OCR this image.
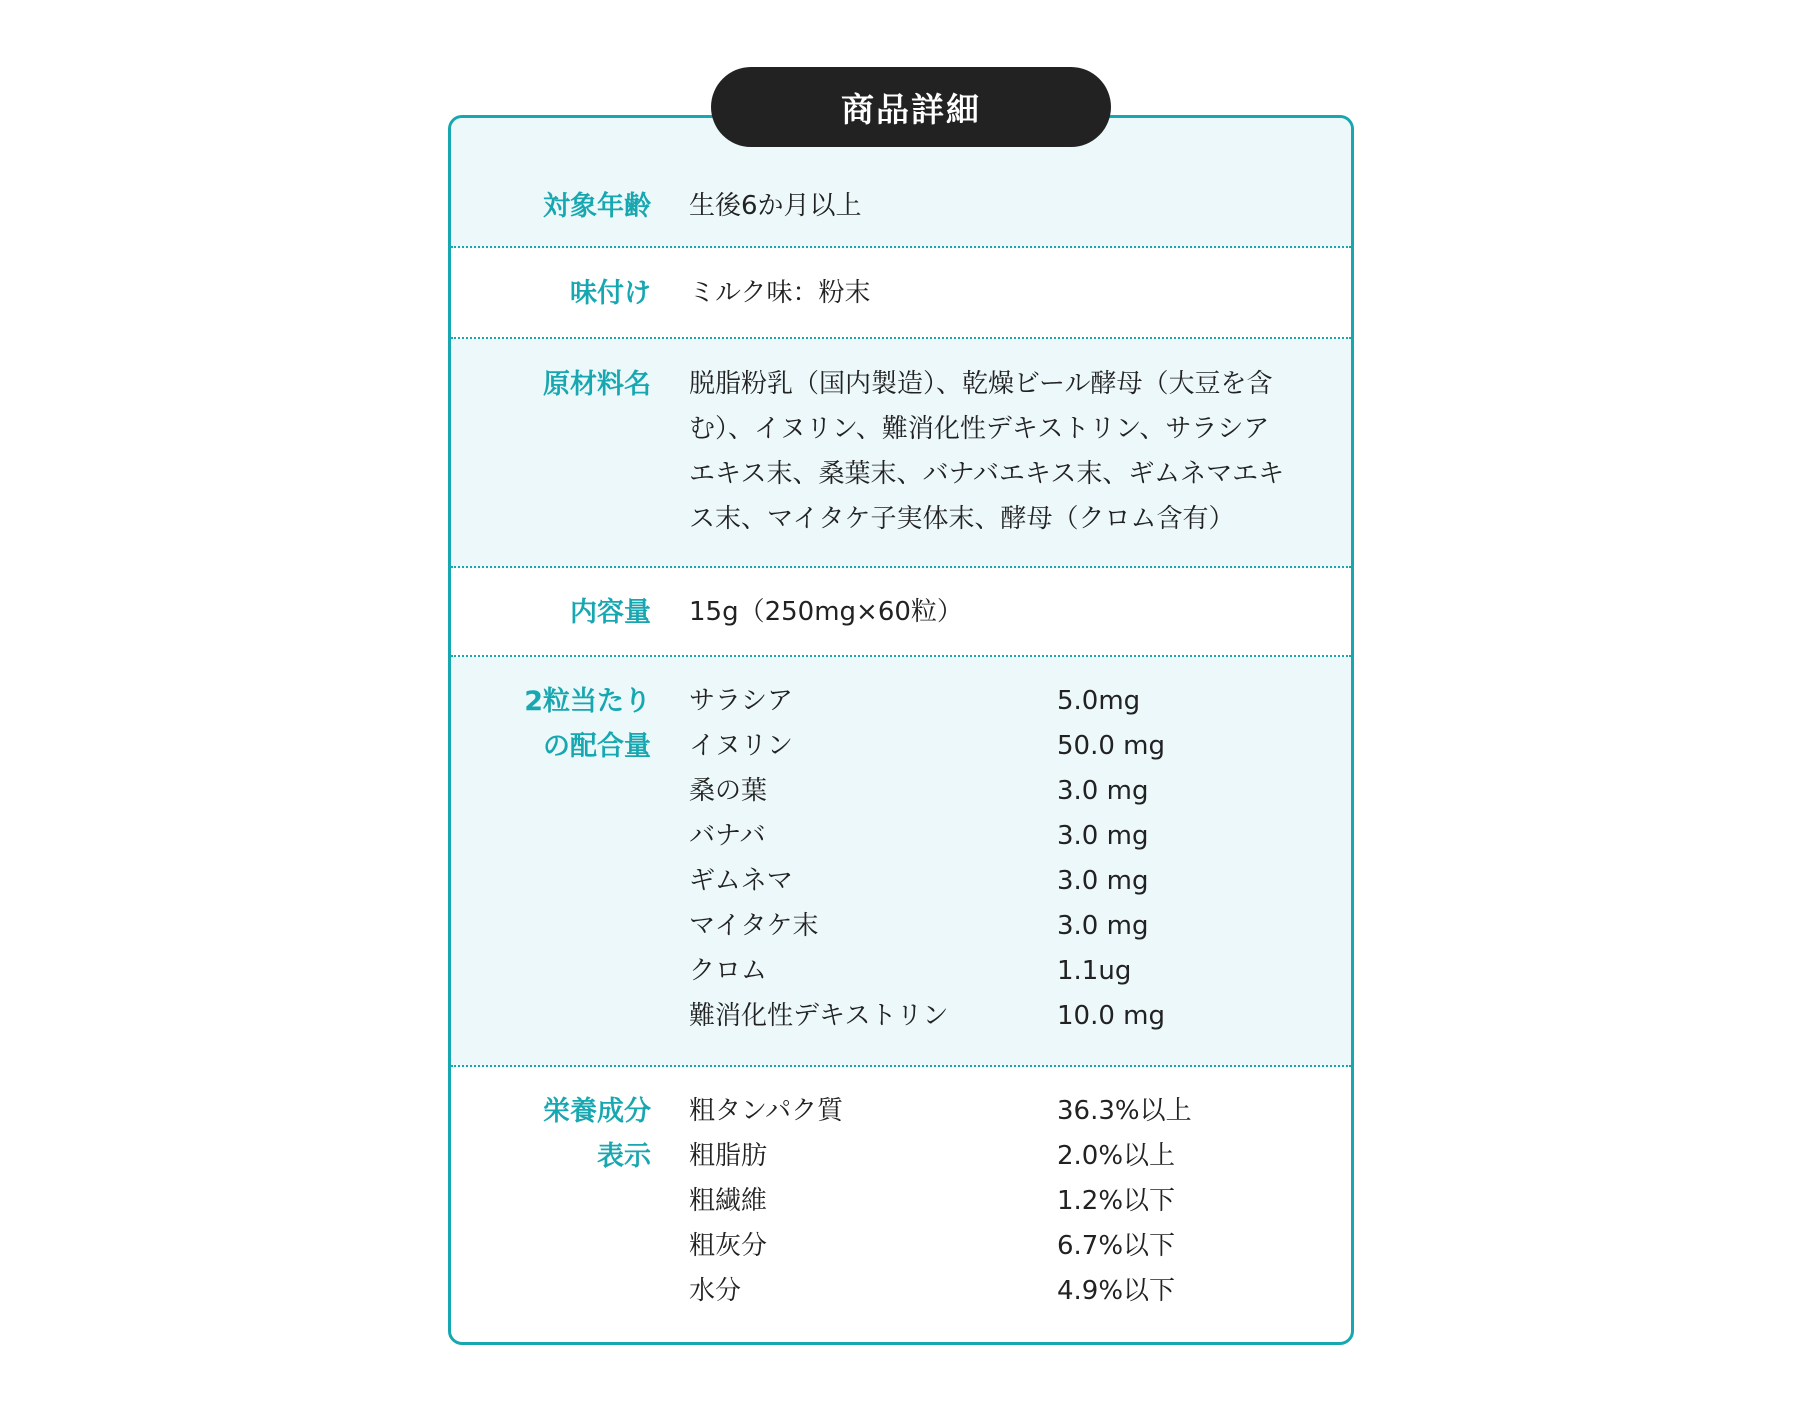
商品詳細
対象年齢 生後6か月以上
味付け ミルク味：粉末
原材料名 脱脂粉乳（国内製造）、乾燥ビール酵母（大豆を含
む）、イヌリン、難消化性デキストリン、サラシア
エキス末、桑葉末、バナバエキス末、ギムネマエキ
ス末、マイタケ子実体末、酵母（クロム含有）
内容量 15g（250mg×60粒）
2粒当たり
の配合量
サラシア	5.0mg
イヌリン	50.0 mg
桑の葉	3.0 mg
バナバ	3.0 mg
ギムネマ	3.0 mg
マイタケ末	3.0 mg
クロム	1.1ug
難消化性デキストリン	10.0 mg
栄養成分
表示
粗タンパク質	36.3%以上
粗脂肪	2.0%以上
粗繊維	1.2%以下
粗灰分	6.7%以下
水分	4.9%以下
